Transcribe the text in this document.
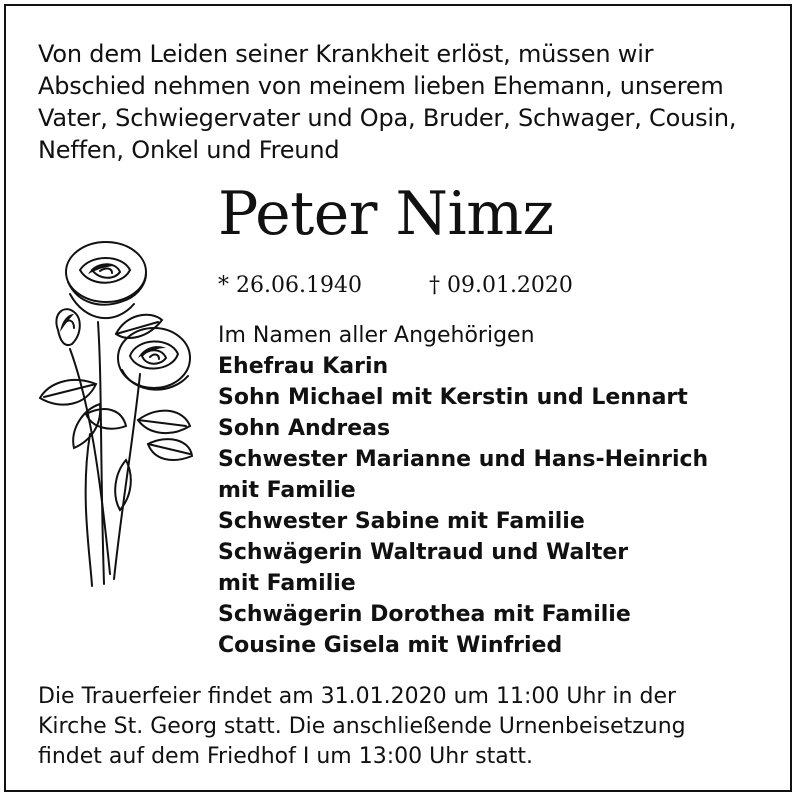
Von dem Leiden seiner Krankheit erlöst, müssen wir
Abschied nehmen von meinem lieben Ehemann, unserem
Vater, Schwiegervater und Opa, Bruder, Schwager, Cousin,
Neffen, Onkel und Freund
Peter Nimz
* 26.06.1940	† 09.01.2020
Im Namen aller Angehörigen
Ehefrau Karin
Sohn Michael mit Kerstin und Lennart
Sohn Andreas
Schwester Marianne und Hans-Heinrich
mit Familie
Schwester Sabine mit Familie
Schwägerin Waltraud und Walter
mit Familie
Schwägerin Dorothea mit Familie
Cousine Gisela mit Winfried
Die Trauerfeier findet am 31.01.2020 um 11:00 Uhr in der
Kirche St. Georg statt. Die anschließende Urnenbeisetzung
findet auf dem Friedhof I um 13:00 Uhr statt.
